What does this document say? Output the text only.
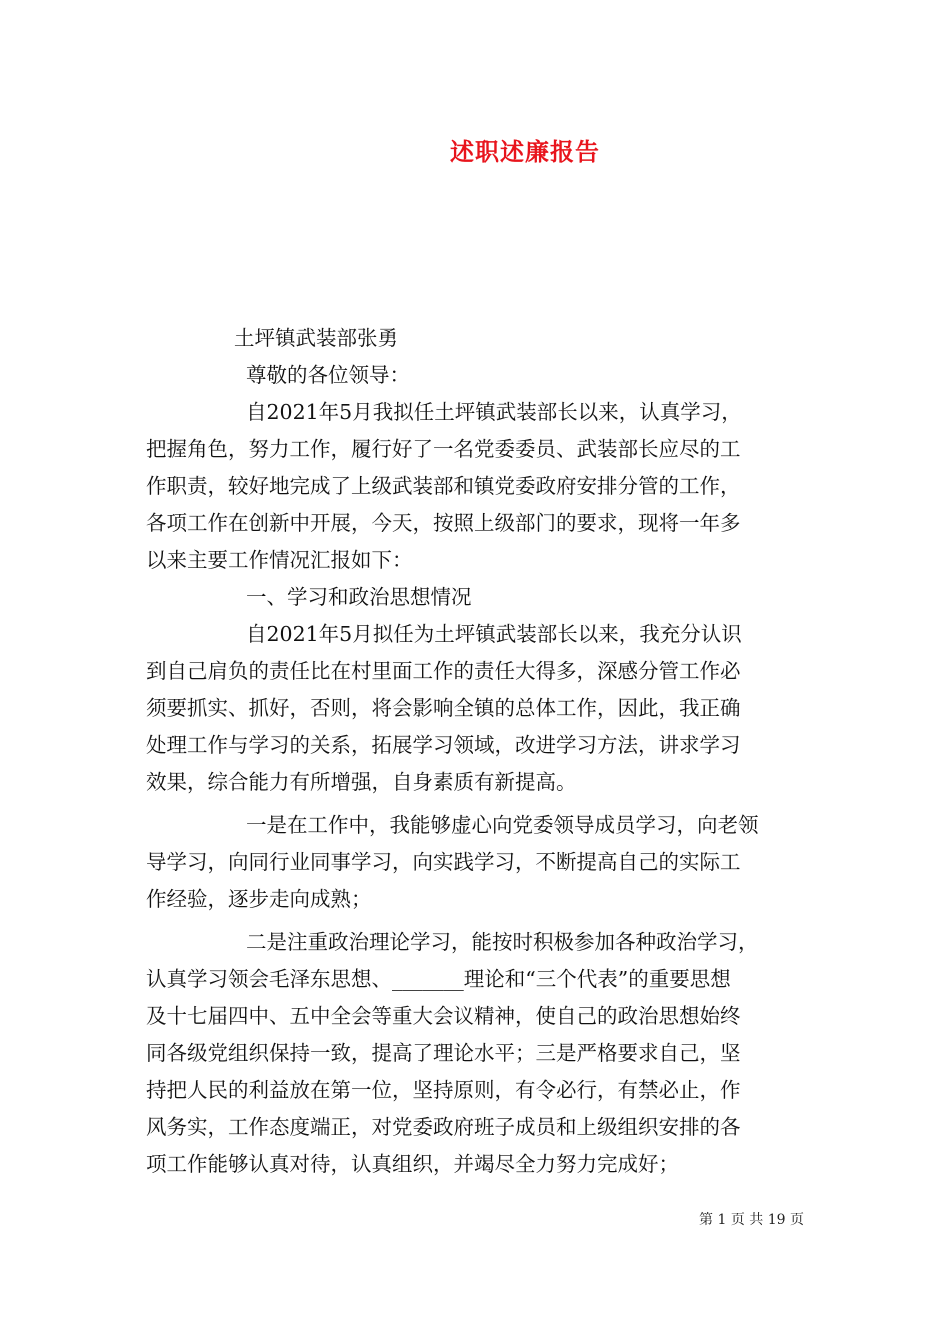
述职述廉报告
土坪镇武装部张勇
尊敬的各位领导：
自2021年5月我拟任土坪镇武装部长以来，认真学习，
把握角色，努力工作，履行好了一名党委委员、武装部长应尽的工
作职责，较好地完成了上级武装部和镇党委政府安排分管的工作，
各项工作在创新中开展，今天，按照上级部门的要求，现将一年多
以来主要工作情况汇报如下：
一、学习和政治思想情况
自2021年5月拟任为土坪镇武装部长以来，我充分认识
到自己肩负的责任比在村里面工作的责任大得多，深感分管工作必
须要抓实、抓好，否则，将会影响全镇的总体工作，因此，我正确
处理工作与学习的关系，拓展学习领域，改进学习方法，讲求学习
效果，综合能力有所增强，自身素质有新提高。
一是在工作中，我能够虚心向党委领导成员学习，向老领
导学习，向同行业同事学习，向实践学习，不断提高自己的实际工
作经验，逐步走向成熟；
二是注重政治理论学习，能按时积极参加各种政治学习，
认真学习领会毛泽东思想、_______理论和“三个代表”的重要思想
及十七届四中、五中全会等重大会议精神，使自己的政治思想始终
同各级党组织保持一致，提高了理论水平；三是严格要求自己，坚
持把人民的利益放在第一位，坚持原则，有令必行，有禁必止，作
风务实，工作态度端正，对党委政府班子成员和上级组织安排的各
项工作能够认真对待，认真组织，并竭尽全力努力完成好；
第 1 页 共 19 页
